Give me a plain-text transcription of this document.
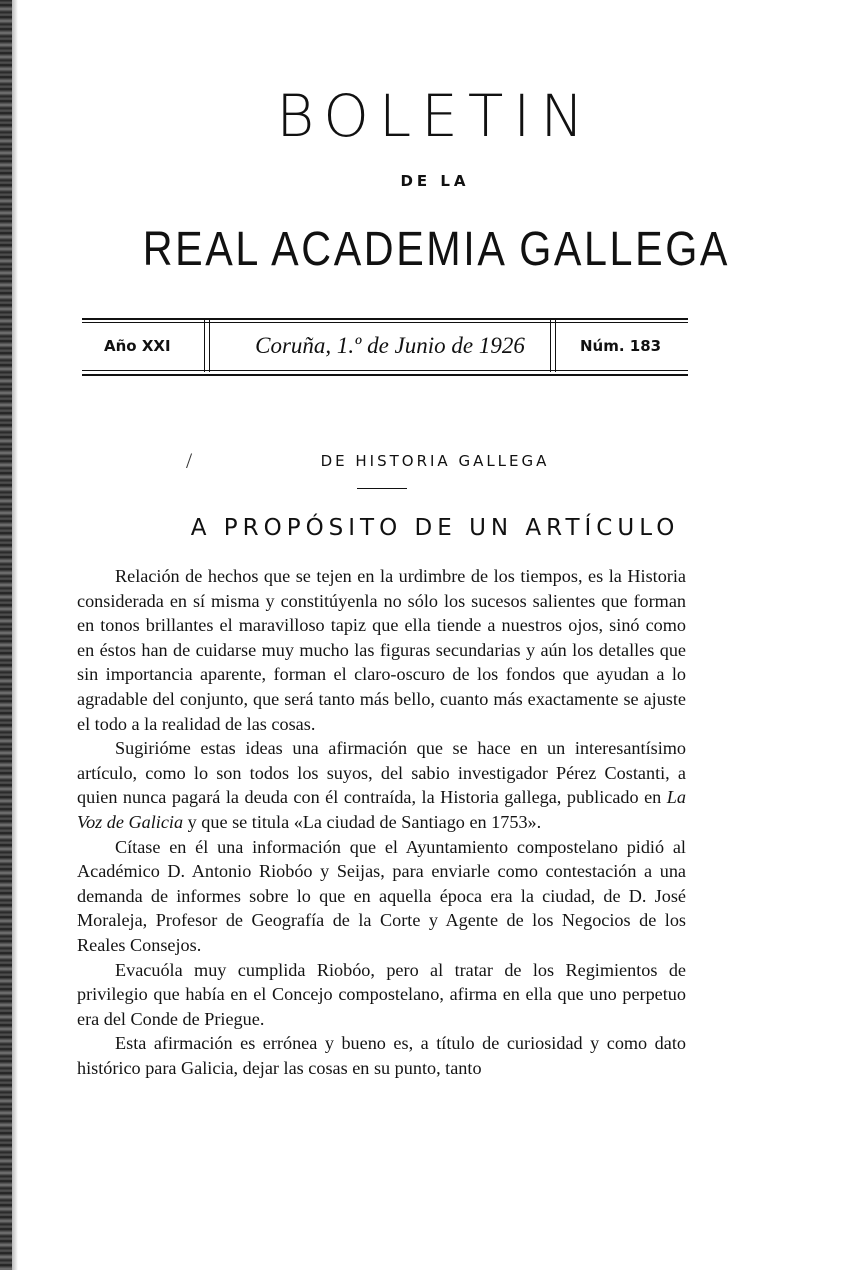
BOLETIN
DE LA
REAL ACADEMIA GALLEGA
Año XXI	Coruña, 1.º de Junio de 1926	Núm. 183
/	DE HISTORIA GALLEGA
A PROPÓSITO DE UN ARTÍCULO

Relación de hechos que se tejen en la urdimbre de los tiempos, es la Historia considerada en sí misma y constitúyenla no sólo los sucesos salientes que forman en tonos brillantes el maravilloso tapiz que ella tiende a nuestros ojos, sinó como en éstos han de cuidarse muy mucho las figuras secundarias y aún los detalles que sin importancia aparente, forman el claro-oscuro de los fondos que ayudan a lo agradable del conjunto, que será tanto más bello, cuanto más exactamente se ajuste el todo a la realidad de las cosas.

Sugirióme estas ideas una afirmación que se hace en un interesantísimo artículo, como lo son todos los suyos, del sabio investigador Pérez Costanti, a quien nunca pagará la deuda con él contraída, la Historia gallega, publicado en La Voz de Galicia y que se titula «La ciudad de Santiago en 1753».

Cítase en él una información que el Ayuntamiento compostelano pidió al Académico D. Antonio Riobóo y Seijas, para enviarle como contestación a una demanda de informes sobre lo que en aquella época era la ciudad, de D. José Moraleja, Profesor de Geografía de la Corte y Agente de los Negocios de los Reales Consejos.

Evacuóla muy cumplida Riobóo, pero al tratar de los Regimientos de privilegio que había en el Concejo compostelano, afirma en ella que uno perpetuo era del Conde de Priegue.

Esta afirmación es errónea y bueno es, a título de curiosidad y como dato histórico para Galicia, dejar las cosas en su punto, tanto
